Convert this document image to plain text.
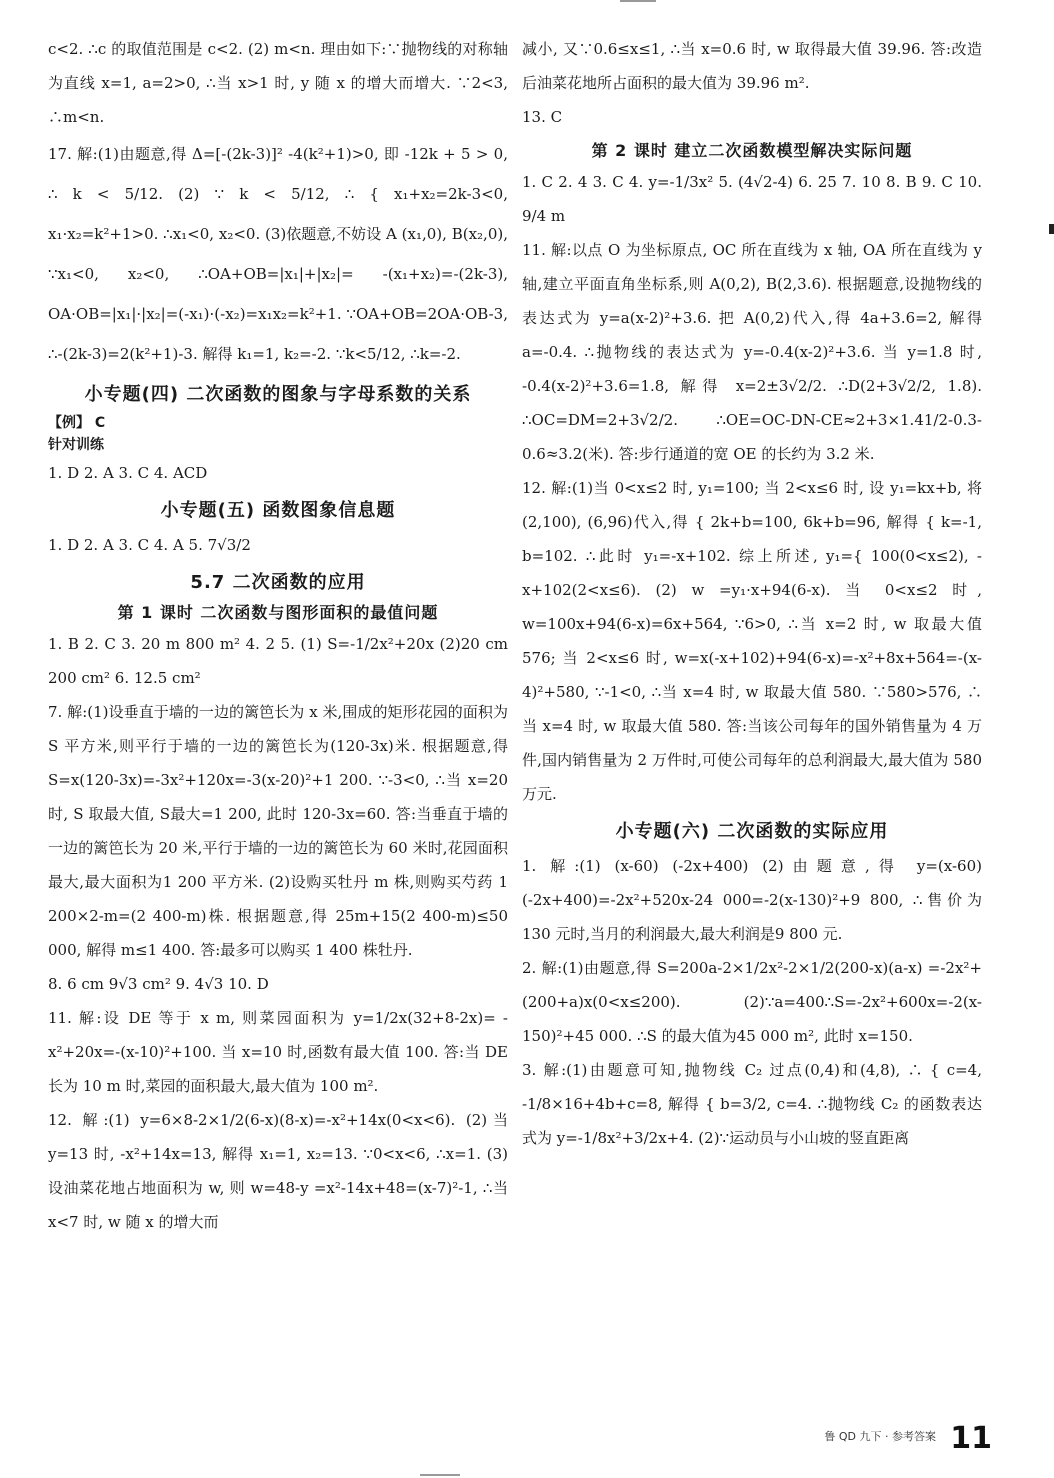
c<2. ∴c 的取值范围是 c<2. (2) m<n. 理由如下:∵抛物线的对称轴为直线 x=1, a=2>0, ∴当 x>1 时, y 随 x 的增大而增大. ∵2<3, ∴m<n.

17. 解:(1)由题意,得 Δ=[-(2k-3)]² -4(k²+1)>0, 即 -12k + 5 > 0, ∴ k < 5/12. (2) ∵ k < 5/12, ∴ { x₁+x₂=2k-3<0, x₁·x₂=k²+1>0. ∴x₁<0, x₂<0. (3)依题意,不妨设 A (x₁,0), B(x₂,0), ∵x₁<0, x₂<0, ∴OA+OB=|x₁|+|x₂|= -(x₁+x₂)=-(2k-3), OA·OB=|x₁|·|x₂|=(-x₁)·(-x₂)=x₁x₂=k²+1. ∵OA+OB=2OA·OB-3, ∴-(2k-3)=2(k²+1)-3. 解得 k₁=1, k₂=-2. ∵k<5/12, ∴k=-2.

小专题(四) 二次函数的图象与字母系数的关系
【例】 C
针对训练

1. D 2. A 3. C 4. ACD

小专题(五) 函数图象信息题

1. D 2. A 3. C 4. A 5. 7√3/2

5.7 二次函数的应用
第 1 课时 二次函数与图形面积的最值问题

1. B 2. C 3. 20 m 800 m² 4. 2 5. (1) S=-1/2x²+20x (2)20 cm 200 cm² 6. 12.5 cm²

7. 解:(1)设垂直于墙的一边的篱笆长为 x 米,围成的矩形花园的面积为 S 平方米,则平行于墙的一边的篱笆长为(120-3x)米. 根据题意,得 S=x(120-3x)=-3x²+120x=-3(x-20)²+1 200. ∵-3<0, ∴当 x=20 时, S 取最大值, S最大=1 200, 此时 120-3x=60. 答:当垂直于墙的一边的篱笆长为 20 米,平行于墙的一边的篱笆长为 60 米时,花园面积最大,最大面积为1 200 平方米. (2)设购买牡丹 m 株,则购买芍药 1 200×2-m=(2 400-m)株. 根据题意,得 25m+15(2 400-m)≤50 000, 解得 m≤1 400. 答:最多可以购买 1 400 株牡丹.

8. 6 cm 9√3 cm² 9. 4√3 10. D

11. 解:设 DE 等于 x m, 则菜园面积为 y=1/2x(32+8-2x)= -x²+20x=-(x-10)²+100. 当 x=10 时,函数有最大值 100. 答:当 DE 长为 10 m 时,菜园的面积最大,最大值为 100 m².

12. 解:(1) y=6×8-2×1/2(6-x)(8-x)=-x²+14x(0<x<6). (2)当 y=13 时, -x²+14x=13, 解得 x₁=1, x₂=13. ∵0<x<6, ∴x=1. (3)设油菜花地占地面积为 w, 则 w=48-y =x²-14x+48=(x-7)²-1, ∴当 x<7 时, w 随 x 的增大而

减小, 又∵0.6≤x≤1, ∴当 x=0.6 时, w 取得最大值 39.96. 答:改造后油菜花地所占面积的最大值为 39.96 m².

13. C

第 2 课时 建立二次函数模型解决实际问题

1. C 2. 4 3. C 4. y=-1/3x² 5. (4√2-4) 6. 25 7. 10 8. B 9. C 10. 9/4 m

11. 解:以点 O 为坐标原点, OC 所在直线为 x 轴, OA 所在直线为 y 轴,建立平面直角坐标系,则 A(0,2), B(2,3.6). 根据题意,设抛物线的表达式为 y=a(x-2)²+3.6. 把 A(0,2)代入,得 4a+3.6=2, 解得 a=-0.4. ∴抛物线的表达式为 y=-0.4(x-2)²+3.6. 当 y=1.8 时, -0.4(x-2)²+3.6=1.8, 解得 x=2±3√2/2. ∴D(2+3√2/2, 1.8). ∴OC=DM=2+3√2/2. ∴OE=OC-DN-CE≈2+3×1.41/2-0.3-0.6≈3.2(米). 答:步行通道的宽 OE 的长约为 3.2 米.

12. 解:(1)当 0<x≤2 时, y₁=100; 当 2<x≤6 时, 设 y₁=kx+b, 将(2,100), (6,96)代入,得 { 2k+b=100, 6k+b=96, 解得 { k=-1, b=102. ∴此时 y₁=-x+102. 综上所述, y₁={ 100(0<x≤2), -x+102(2<x≤6). (2) w =y₁·x+94(6-x). 当 0<x≤2 时, w=100x+94(6-x)=6x+564, ∵6>0, ∴当 x=2 时, w 取最大值 576; 当 2<x≤6 时, w=x(-x+102)+94(6-x)=-x²+8x+564=-(x-4)²+580, ∵-1<0, ∴当 x=4 时, w 取最大值 580. ∵580>576, ∴当 x=4 时, w 取最大值 580. 答:当该公司每年的国外销售量为 4 万件,国内销售量为 2 万件时,可使公司每年的总利润最大,最大值为 580 万元.

小专题(六) 二次函数的实际应用

1. 解:(1) (x-60) (-2x+400) (2)由题意,得 y=(x-60)(-2x+400)=-2x²+520x-24 000=-2(x-130)²+9 800, ∴售价为 130 元时,当月的利润最大,最大利润是9 800 元.

2. 解:(1)由题意,得 S=200a-2×1/2x²-2×1/2(200-x)(a-x) =-2x²+(200+a)x(0<x≤200). (2)∵a=400∴S=-2x²+600x=-2(x-150)²+45 000. ∴S 的最大值为45 000 m², 此时 x=150.

3. 解:(1)由题意可知,抛物线 C₂ 过点(0,4)和(4,8), ∴ { c=4, -1/8×16+4b+c=8, 解得 { b=3/2, c=4. ∴抛物线 C₂ 的函数表达式为 y=-1/8x²+3/2x+4. (2)∵运动员与小山坡的竖直距离

鲁 QD 九下 · 参考答案 11
